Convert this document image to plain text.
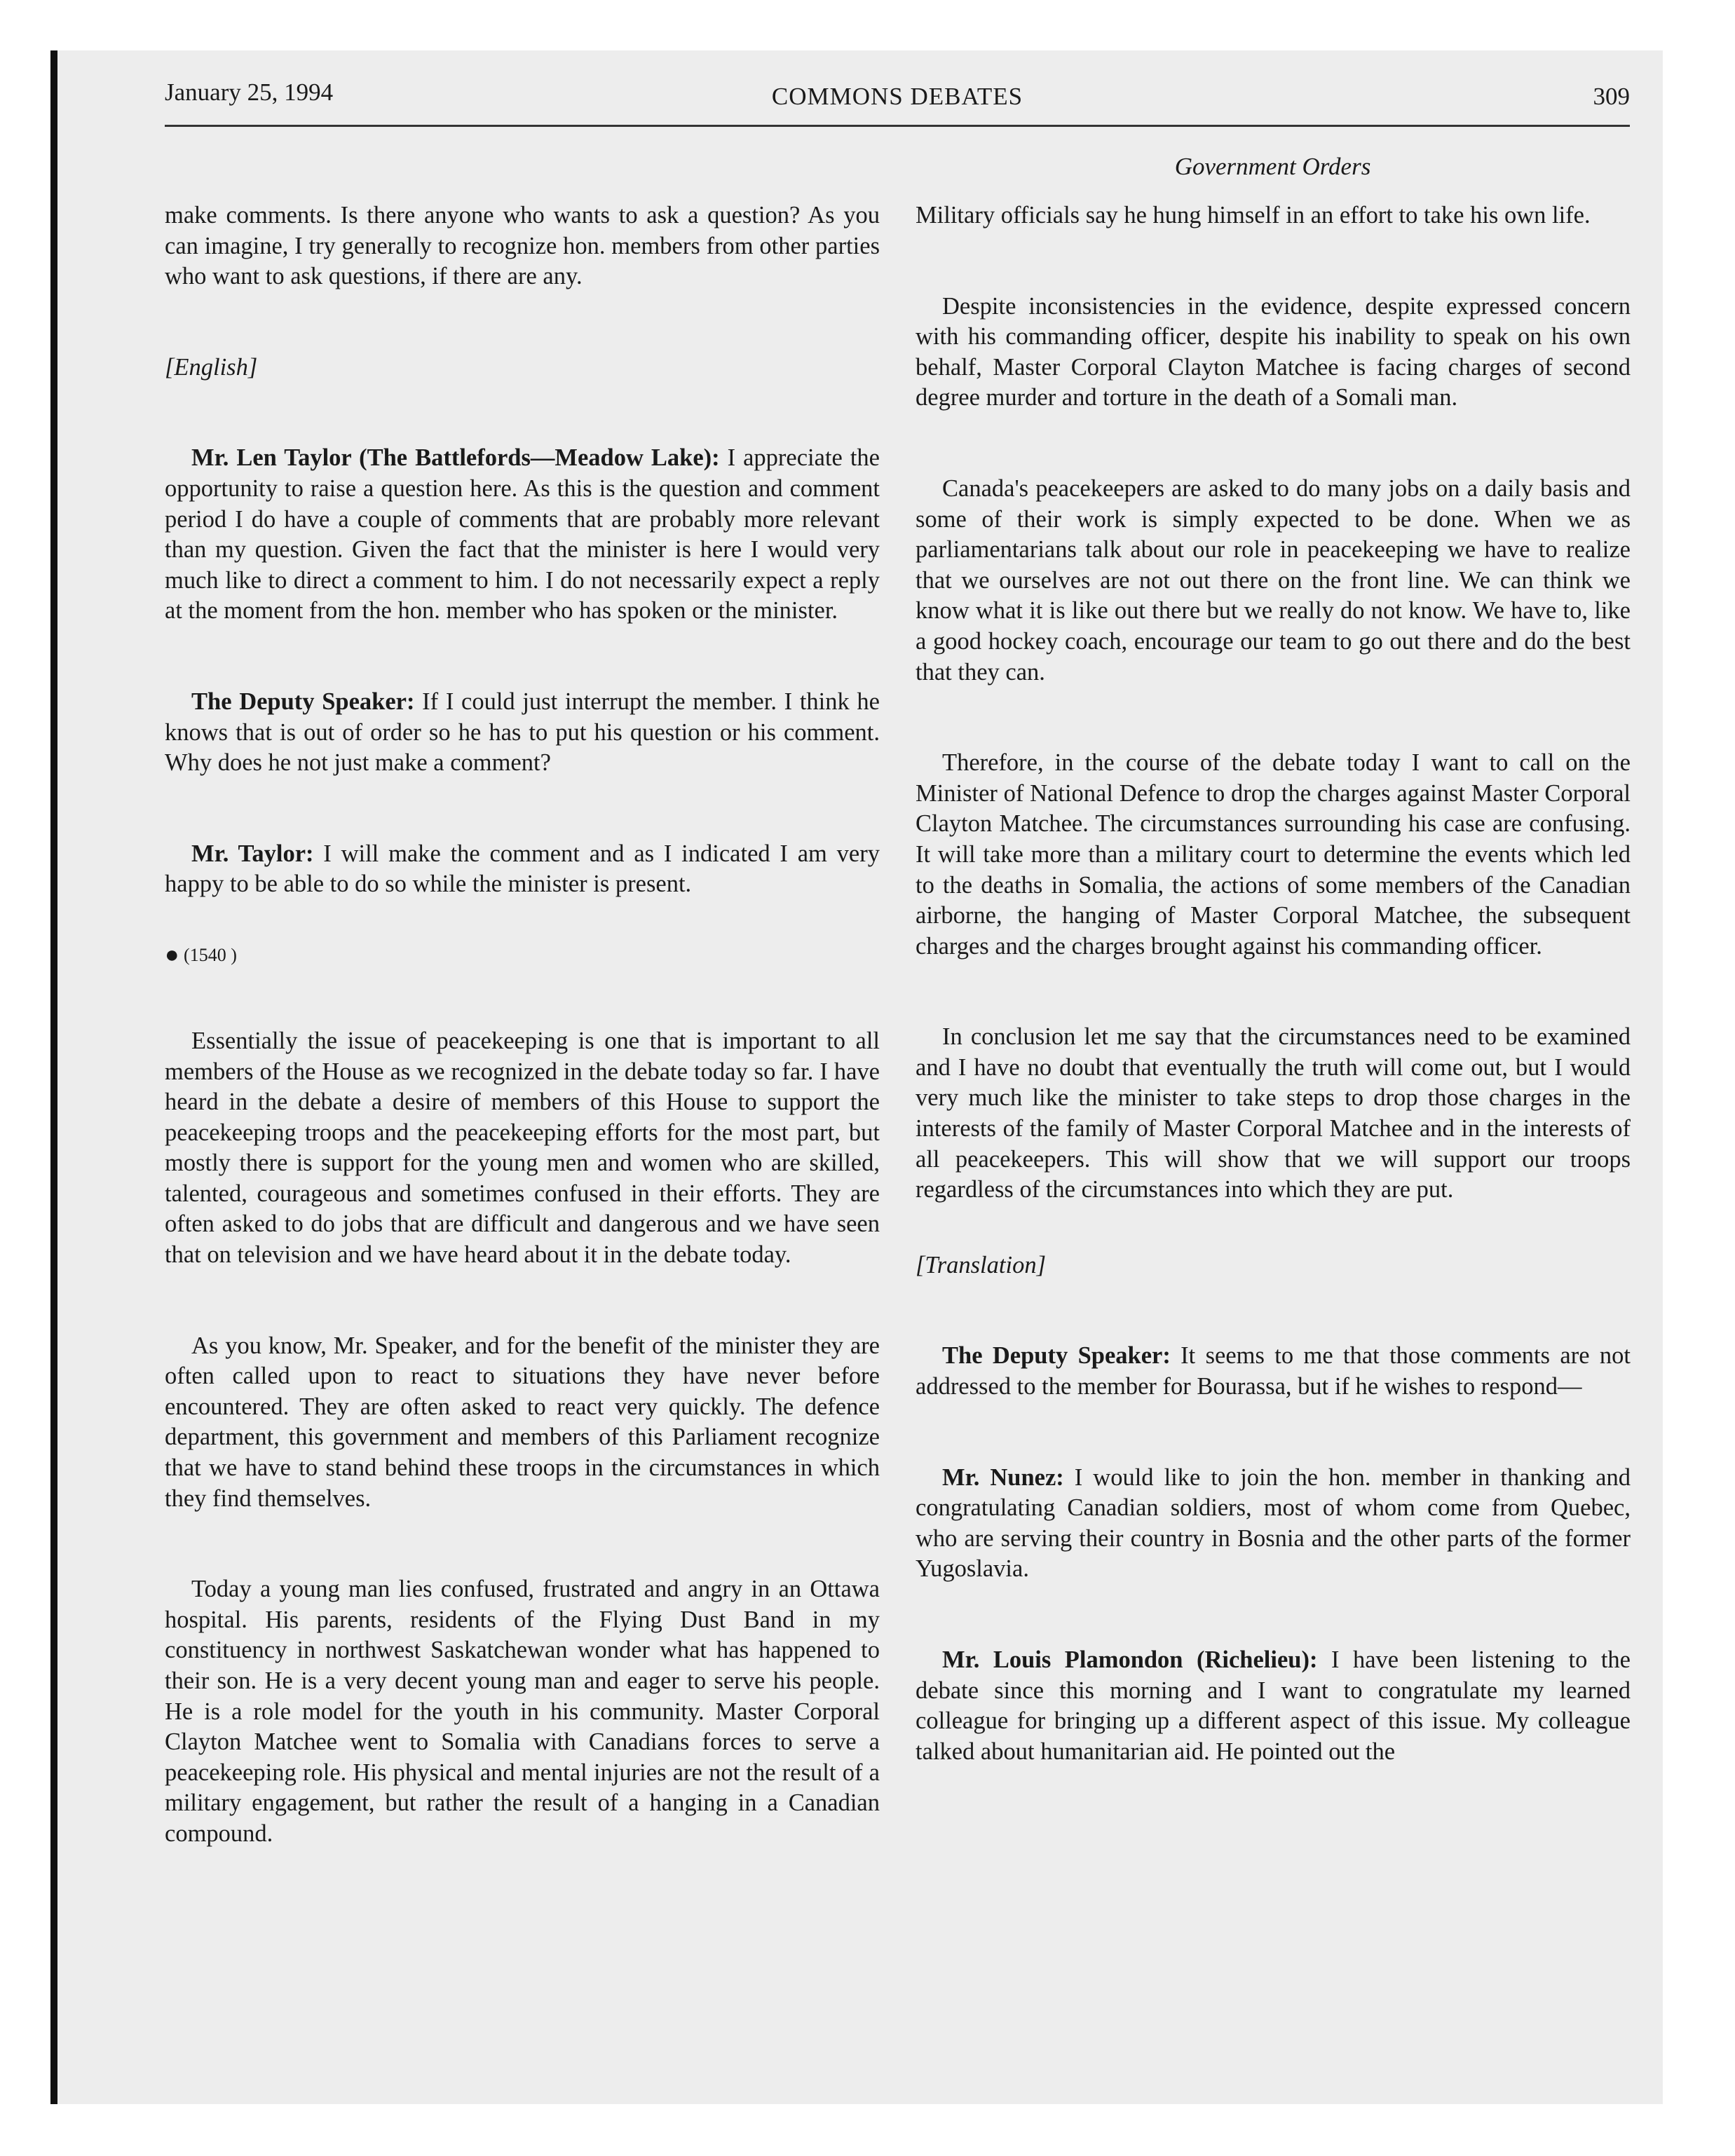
January 25, 1994	COMMONS DEBATES	309
Government Orders

make comments. Is there anyone who wants to ask a question? As you can imagine, I try generally to recognize hon. members from other parties who want to ask questions, if there are any.

[English]

Mr. Len Taylor (The Battlefords—Meadow Lake): I appreciate the opportunity to raise a question here. As this is the question and comment period I do have a couple of comments that are probably more relevant than my question. Given the fact that the minister is here I would very much like to direct a comment to him. I do not necessarily expect a reply at the moment from the hon. member who has spoken or the minister.

The Deputy Speaker: If I could just interrupt the member. I think he knows that is out of order so he has to put his question or his comment. Why does he not just make a comment?

Mr. Taylor: I will make the comment and as I indicated I am very happy to be able to do so while the minister is present.

● (1540 )

Essentially the issue of peacekeeping is one that is important to all members of the House as we recognized in the debate today so far. I have heard in the debate a desire of members of this House to support the peacekeeping troops and the peacekeeping efforts for the most part, but mostly there is support for the young men and women who are skilled, talented, courageous and sometimes confused in their efforts. They are often asked to do jobs that are difficult and dangerous and we have seen that on television and we have heard about it in the debate today.

As you know, Mr. Speaker, and for the benefit of the minister they are often called upon to react to situations they have never before encountered. They are often asked to react very quickly. The defence department, this government and members of this Parliament recognize that we have to stand behind these troops in the circumstances in which they find themselves.

Today a young man lies confused, frustrated and angry in an Ottawa hospital. His parents, residents of the Flying Dust Band in my constituency in northwest Saskatchewan wonder what has happened to their son. He is a very decent young man and eager to serve his people. He is a role model for the youth in his community. Master Corporal Clayton Matchee went to Somalia with Canadians forces to serve a peacekeeping role. His physical and mental injuries are not the result of a military engagement, but rather the result of a hanging in a Canadian compound.

Military officials say he hung himself in an effort to take his own life.

Despite inconsistencies in the evidence, despite expressed concern with his commanding officer, despite his inability to speak on his own behalf, Master Corporal Clayton Matchee is facing charges of second degree murder and torture in the death of a Somali man.

Canada's peacekeepers are asked to do many jobs on a daily basis and some of their work is simply expected to be done. When we as parliamentarians talk about our role in peacekeeping we have to realize that we ourselves are not out there on the front line. We can think we know what it is like out there but we really do not know. We have to, like a good hockey coach, encourage our team to go out there and do the best that they can.

Therefore, in the course of the debate today I want to call on the Minister of National Defence to drop the charges against Master Corporal Clayton Matchee. The circumstances surrounding his case are confusing. It will take more than a military court to determine the events which led to the deaths in Somalia, the actions of some members of the Canadian airborne, the hanging of Master Corporal Matchee, the subsequent charges and the charges brought against his commanding officer.

In conclusion let me say that the circumstances need to be examined and I have no doubt that eventually the truth will come out, but I would very much like the minister to take steps to drop those charges in the interests of the family of Master Corporal Matchee and in the interests of all peacekeepers. This will show that we will support our troops regardless of the circumstances into which they are put.

[Translation]

The Deputy Speaker: It seems to me that those comments are not addressed to the member for Bourassa, but if he wishes to respond—

Mr. Nunez: I would like to join the hon. member in thanking and congratulating Canadian soldiers, most of whom come from Quebec, who are serving their country in Bosnia and the other parts of the former Yugoslavia.

Mr. Louis Plamondon (Richelieu): I have been listening to the debate since this morning and I want to congratulate my learned colleague for bringing up a different aspect of this issue. My colleague talked about humanitarian aid. He pointed out the
